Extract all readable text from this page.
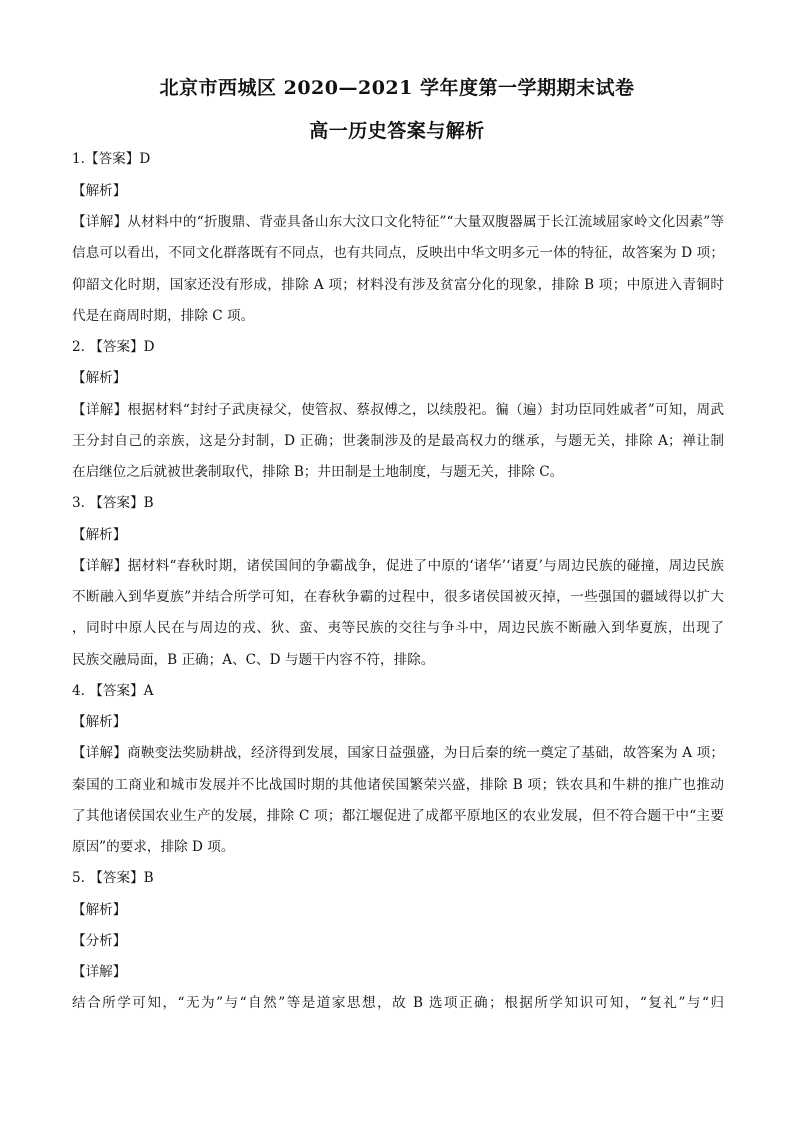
北京市西城区 2020—2021 学年度第一学期期末试卷
高一历史答案与解析
1.【答案】D
【解析】
【详解】从材料中的“折腹鼎、背壶具备山东大汶口文化特征”“大量双腹器属于长江流域屈家岭文化因素”等
信息可以看出，不同文化群落既有不同点，也有共同点，反映出中华文明多元一体的特征，故答案为 D 项；
仰韶文化时期，国家还没有形成，排除 A 项；材料没有涉及贫富分化的现象，排除 B 项；中原进入青铜时
代是在商周时期，排除 C 项。
2. 【答案】D
【解析】
【详解】根据材料“封纣子武庚禄父，使管叔、蔡叔傅之，以续殷祀。徧（遍）封功臣同姓戚者”可知，周武
王分封自己的亲族，这是分封制，D 正确；世袭制涉及的是最高权力的继承，与题无关，排除 A；禅让制
在启继位之后就被世袭制取代，排除 B；井田制是土地制度，与题无关，排除 C。
3. 【答案】B
【解析】
【详解】据材料“春秋时期，诸侯国间的争霸战争，促进了中原的‘诸华’‘诸夏’与周边民族的碰撞，周边民族
不断融入到华夏族”并结合所学可知，在春秋争霸的过程中，很多诸侯国被灭掉，一些强国的疆域得以扩大
，同时中原人民在与周边的戎、狄、蛮、夷等民族的交往与争斗中，周边民族不断融入到华夏族，出现了
民族交融局面，B 正确；A、C、D 与题干内容不符，排除。
4. 【答案】A
【解析】
【详解】商鞅变法奖励耕战，经济得到发展，国家日益强盛，为日后秦的统一奠定了基础，故答案为 A 项；
秦国的工商业和城市发展并不比战国时期的其他诸侯国繁荣兴盛，排除 B 项；铁农具和牛耕的推广也推动
了其他诸侯国农业生产的发展，排除 C 项；都江堰促进了成都平原地区的农业发展，但不符合题干中“主要
原因”的要求，排除 D 项。
5. 【答案】B
【解析】
【分析】
【详解】
结合所学可知，“无为”与“自然”等是道家思想，故 B 选项正确；根据所学知识可知，“复礼”与“归
